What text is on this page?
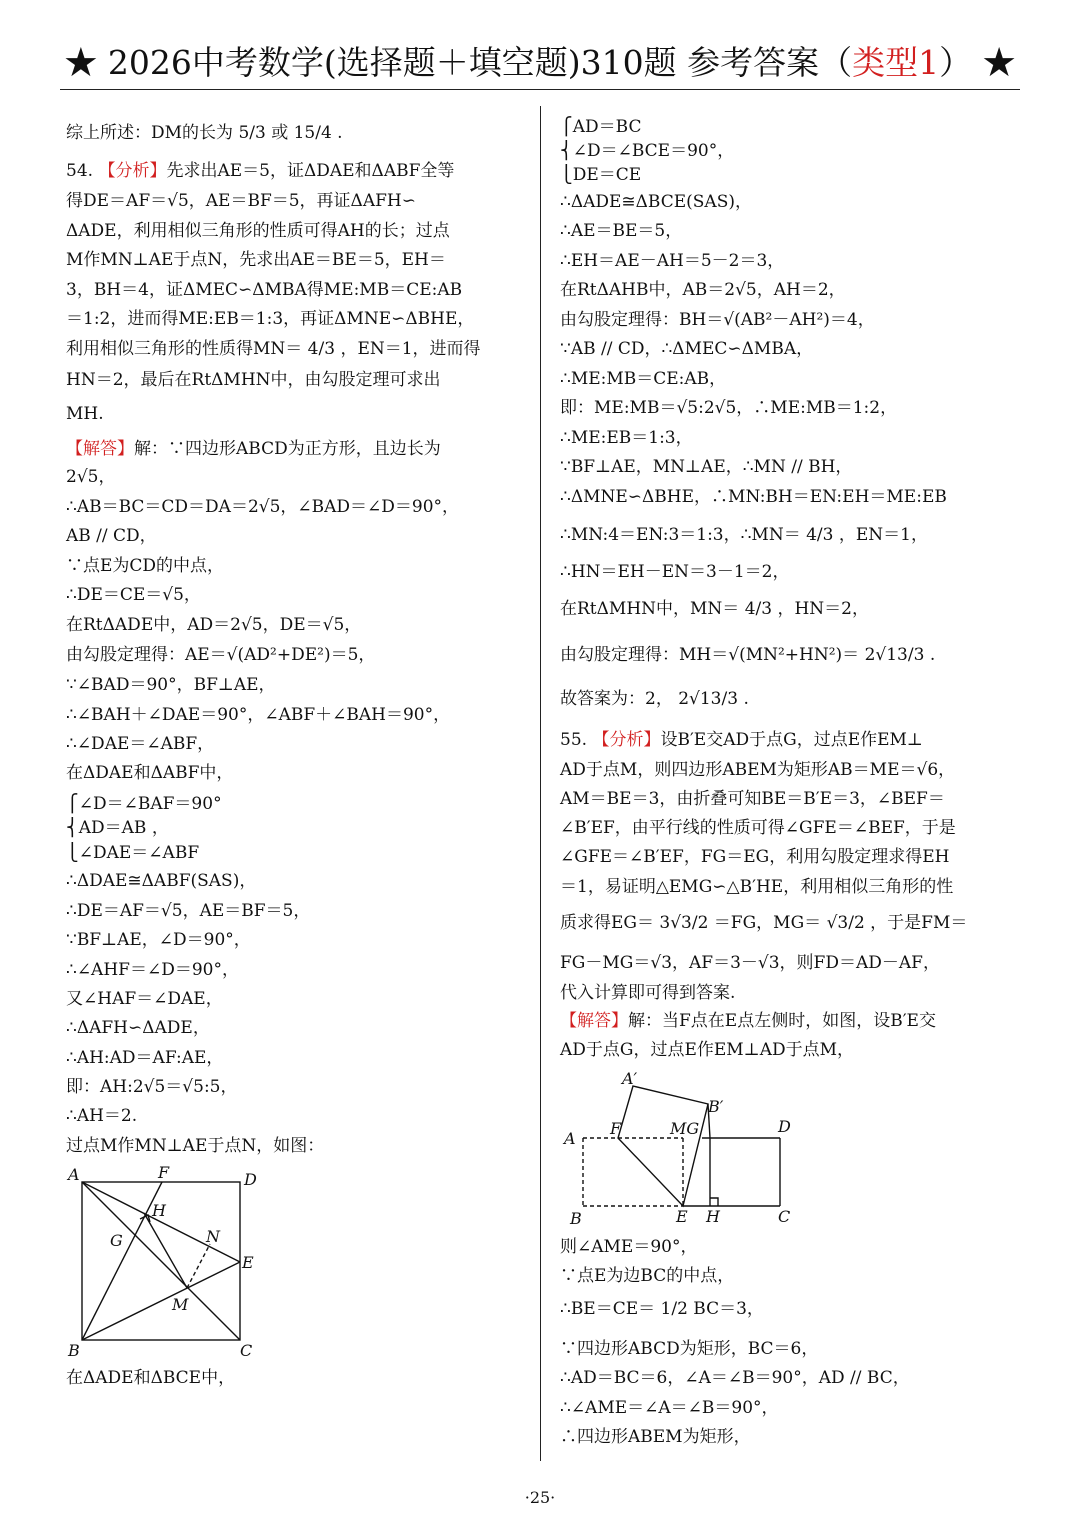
★ 2026中考数学(选择题＋填空题)310题 参考答案（类型1） ★
综上所述：DM的长为 5/3 或 15/4 .
54. 【分析】先求出AE＝5，证ΔDAE和ΔABF全等
得DE＝AF＝√5，AE＝BF＝5，再证ΔAFH∽
ΔADE，利用相似三角形的性质可得AH的长；过点
M作MN⊥AE于点N，先求出AE＝BE＝5，EH＝
3，BH＝4，证ΔMEC∽ΔMBA得ME:MB＝CE:AB
＝1:2，进而得ME:EB＝1:3，再证ΔMNE∽ΔBHE，
利用相似三角形的性质得MN＝ 4/3 ，EN＝1，进而得
HN＝2，最后在RtΔMHN中，由勾股定理可求出
MH.
【解答】解：∵四边形ABCD为正方形，且边长为
2√5，
∴AB＝BC＝CD＝DA＝2√5，∠BAD＝∠D＝90°，
AB // CD，
∵点E为CD的中点，
∴DE＝CE＝√5，
在RtΔADE中，AD＝2√5，DE＝√5，
由勾股定理得：AE＝√(AD²+DE²)＝5，
∵∠BAD＝90°，BF⊥AE，
∴∠BAH＋∠DAE＝90°，∠ABF＋∠BAH＝90°，
∴∠DAE＝∠ABF，
在ΔDAE和ΔABF中，
⎧∠D＝∠BAF＝90°
⎨AD＝AB ，
⎩∠DAE＝∠ABF
∴ΔDAE≅ΔABF(SAS)，
∴DE＝AF＝√5，AE＝BF＝5，
∵BF⊥AE，∠D＝90°，
∴∠AHF＝∠D＝90°，
又∠HAF＝∠DAE，
∴ΔAFH∽ΔADE，
∴AH:AD＝AF:AE，
即：AH:2√5＝√5:5，
∴AH＝2.
过点M作MN⊥AE于点N，如图：
在ΔADE和ΔBCE中，
⎧AD＝BC
⎨∠D＝∠BCE＝90°，
⎩DE＝CE
∴ΔADE≅ΔBCE(SAS)，
∴AE＝BE＝5，
∴EH＝AE－AH＝5－2＝3，
在RtΔAHB中，AB＝2√5，AH＝2，
由勾股定理得：BH＝√(AB²－AH²)＝4，
∵AB // CD，∴ΔMEC∽ΔMBA，
∴ME:MB＝CE:AB，
即：ME:MB＝√5:2√5，∴ME:MB＝1:2，
∴ME:EB＝1:3，
∵BF⊥AE，MN⊥AE，∴MN // BH，
∴ΔMNE∽ΔBHE，∴MN:BH＝EN:EH＝ME:EB
∴MN:4＝EN:3＝1:3，∴MN＝ 4/3 ，EN＝1，
∴HN＝EH－EN＝3－1＝2，
在RtΔMHN中，MN＝ 4/3 ，HN＝2，
由勾股定理得：MH＝√(MN²+HN²)＝ 2√13/3 .
故答案为：2， 2√13/3 .
55. 【分析】设B′E交AD于点G，过点E作EM⊥
AD于点M，则四边形ABEM为矩形AB＝ME＝√6，
AM＝BE＝3，由折叠可知BE＝B′E＝3，∠BEF＝
∠B′EF，由平行线的性质可得∠GFE＝∠BEF，于是
∠GFE＝∠B′EF，FG＝EG，利用勾股定理求得EH
＝1，易证明△EMG∽△B′HE，利用相似三角形的性
质求得EG＝ 3√3/2 ＝FG，MG＝ √3/2 ，于是FM＝
FG－MG＝√3，AF＝3－√3，则FD＝AD－AF，
代入计算即可得到答案.
【解答】解：当F点在E点左侧时，如图，设B′E交
AD于点G，过点E作EM⊥AD于点M，
则∠AME＝90°，
∵点E为边BC的中点，
∴BE＝CE＝ 1/2 BC＝3，
∵四边形ABCD为矩形，BC＝6，
∴AD＝BC＝6，∠A＝∠B＝90°，AD // BC，
∴∠AME＝∠A＝∠B＝90°，
∴四边形ABEM为矩形，
A	F	D
H
G	N
E
M
B	C
A′
B′
D
A
F	MG
B	E H	C
·25·
